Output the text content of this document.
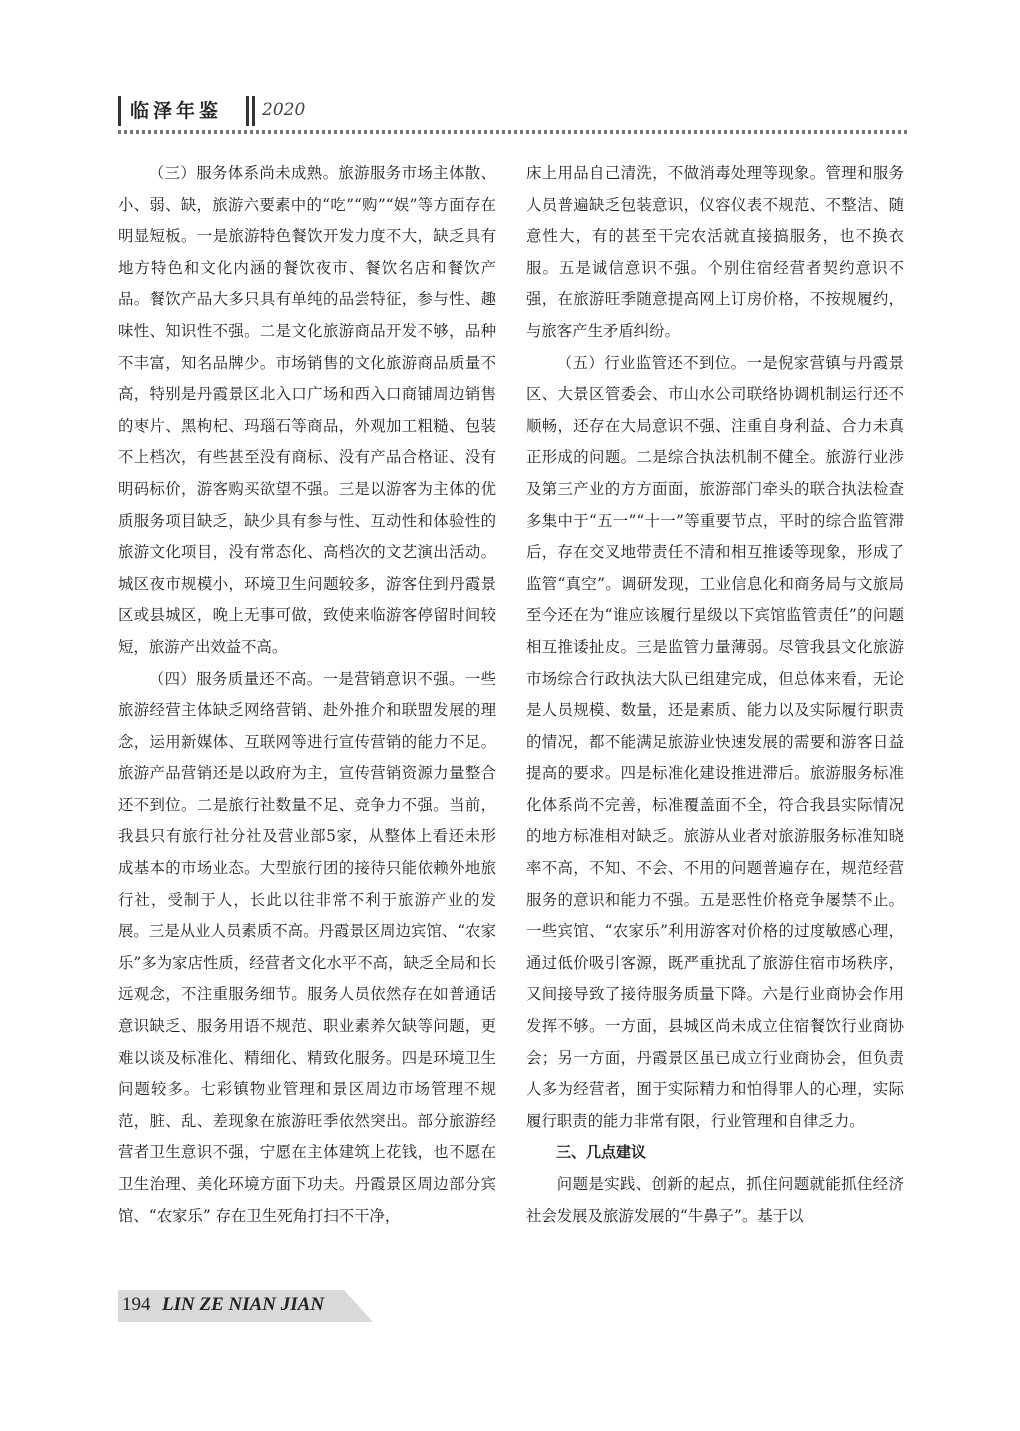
临泽年鉴 2020

（三）服务体系尚未成熟。旅游服务市场主体散、小、弱、缺，旅游六要素中的“吃”“购”“娱”等方面存在明显短板。一是旅游特色餐饮开发力度不大，缺乏具有地方特色和文化内涵的餐饮夜市、餐饮名店和餐饮产品。餐饮产品大多只具有单纯的品尝特征，参与性、趣味性、知识性不强。二是文化旅游商品开发不够，品种不丰富，知名品牌少。市场销售的文化旅游商品质量不高，特别是丹霞景区北入口广场和西入口商铺周边销售的枣片、黑枸杞、玛瑙石等商品，外观加工粗糙、包装不上档次，有些甚至没有商标、没有产品合格证、没有明码标价，游客购买欲望不强。三是以游客为主体的优质服务项目缺乏，缺少具有参与性、互动性和体验性的旅游文化项目，没有常态化、高档次的文艺演出活动。城区夜市规模小，环境卫生问题较多，游客住到丹霞景区或县城区，晚上无事可做，致使来临游客停留时间较短，旅游产出效益不高。

（四）服务质量还不高。一是营销意识不强。一些旅游经营主体缺乏网络营销、赴外推介和联盟发展的理念，运用新媒体、互联网等进行宣传营销的能力不足。旅游产品营销还是以政府为主，宣传营销资源力量整合还不到位。二是旅行社数量不足、竞争力不强。当前，我县只有旅行社分社及营业部5家，从整体上看还未形成基本的市场业态。大型旅行团的接待只能依赖外地旅行社，受制于人，长此以往非常不利于旅游产业的发展。三是从业人员素质不高。丹霞景区周边宾馆、“农家乐”多为家店性质，经营者文化水平不高，缺乏全局和长远观念，不注重服务细节。服务人员依然存在如普通话意识缺乏、服务用语不规范、职业素养欠缺等问题，更难以谈及标准化、精细化、精致化服务。四是环境卫生问题较多。七彩镇物业管理和景区周边市场管理不规范，脏、乱、差现象在旅游旺季依然突出。部分旅游经营者卫生意识不强，宁愿在主体建筑上花钱，也不愿在卫生治理、美化环境方面下功夫。丹霞景区周边部分宾馆、“农家乐” 存在卫生死角打扫不干净，

床上用品自己清洗，不做消毒处理等现象。管理和服务人员普遍缺乏包装意识，仪容仪表不规范、不整洁、随意性大，有的甚至干完农活就直接搞服务，也不换衣服。五是诚信意识不强。个别住宿经营者契约意识不强，在旅游旺季随意提高网上订房价格，不按规履约，与旅客产生矛盾纠纷。

（五）行业监管还不到位。一是倪家营镇与丹霞景区、大景区管委会、市山水公司联络协调机制运行还不顺畅，还存在大局意识不强、注重自身利益、合力未真正形成的问题。二是综合执法机制不健全。旅游行业涉及第三产业的方方面面，旅游部门牵头的联合执法检查多集中于“五一”“十一”等重要节点，平时的综合监管滞后，存在交叉地带责任不清和相互推诿等现象，形成了监管“真空”。调研发现，工业信息化和商务局与文旅局至今还在为“谁应该履行星级以下宾馆监管责任”的问题相互推诿扯皮。三是监管力量薄弱。尽管我县文化旅游市场综合行政执法大队已组建完成，但总体来看，无论是人员规模、数量，还是素质、能力以及实际履行职责的情况，都不能满足旅游业快速发展的需要和游客日益提高的要求。四是标准化建设推进滞后。旅游服务标准化体系尚不完善，标准覆盖面不全，符合我县实际情况的地方标准相对缺乏。旅游从业者对旅游服务标准知晓率不高，不知、不会、不用的问题普遍存在，规范经营服务的意识和能力不强。五是恶性价格竞争屡禁不止。一些宾馆、“农家乐”利用游客对价格的过度敏感心理，通过低价吸引客源，既严重扰乱了旅游住宿市场秩序，又间接导致了接待服务质量下降。六是行业商协会作用发挥不够。一方面，县城区尚未成立住宿餐饮行业商协会；另一方面，丹霞景区虽已成立行业商协会，但负责人多为经营者，囿于实际精力和怕得罪人的心理，实际履行职责的能力非常有限，行业管理和自律乏力。

三、几点建议

问题是实践、创新的起点，抓住问题就能抓住经济社会发展及旅游发展的“牛鼻子”。基于以

194 LIN ZE NIAN JIAN
